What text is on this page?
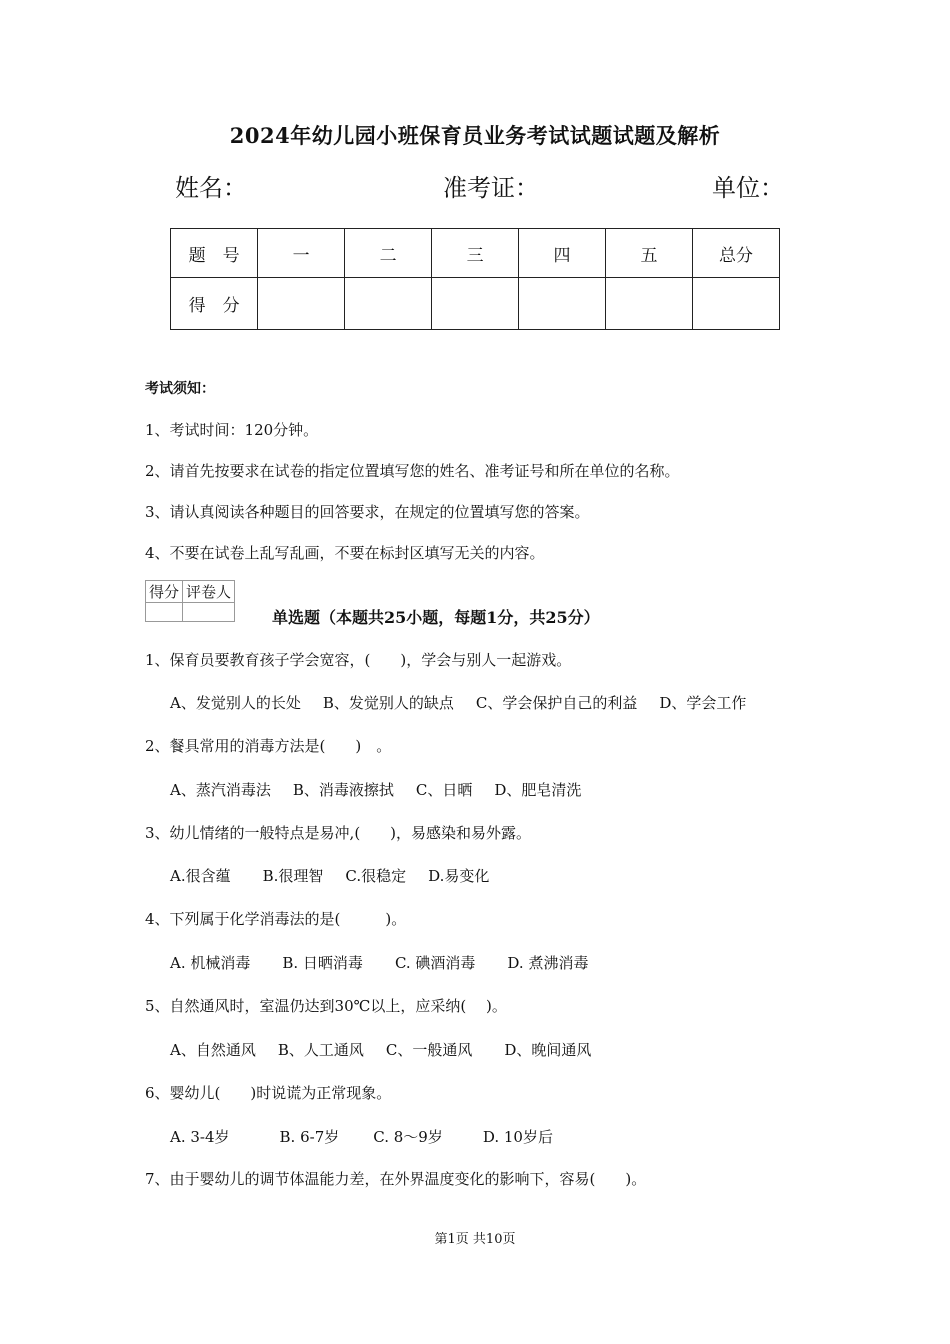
2024年幼儿园小班保育员业务考试试题试题及解析
姓名：	准考证：	单位：
题　号	一	二	三	四	五	总分
得　分						
考试须知：
1、考试时间：120分钟。
2、请首先按要求在试卷的指定位置填写您的姓名、准考证号和所在单位的名称。
3、请认真阅读各种题目的回答要求，在规定的位置填写您的答案。
4、不要在试卷上乱写乱画，不要在标封区填写无关的内容。
得分	评卷人

单选题（本题共25小题，每题1分，共25分）
1、保育员要教育孩子学会宽容，(　　)，学会与别人一起游戏。
A、发觉别人的长处 B、发觉别人的缺点 C、学会保护自己的利益 D、学会工作
2、餐具常用的消毒方法是(　　)　。
A、蒸汽消毒法 B、消毒液擦拭 C、日晒 D、肥皂清洗
3、幼儿情绪的一般特点是易冲,(　　)，易感染和易外露。
A.很含蕴 B.很理智 C.很稳定 D.易变化
4、下列属于化学消毒法的是(　　　)。
A. 机械消毒 B. 日晒消毒 C. 碘酒消毒 D. 煮沸消毒
5、自然通风时，室温仍达到30℃以上，应采纳(　 )。
A、自然通风 B、人工通风 C、一般通风 D、晚间通风
6、婴幼儿(　　)时说谎为正常现象。
A. 3-4岁	B. 6-7岁 C. 8～9岁	D. 10岁后
7、由于婴幼儿的调节体温能力差，在外界温度变化的影响下，容易(　　)。
第1页 共10页
